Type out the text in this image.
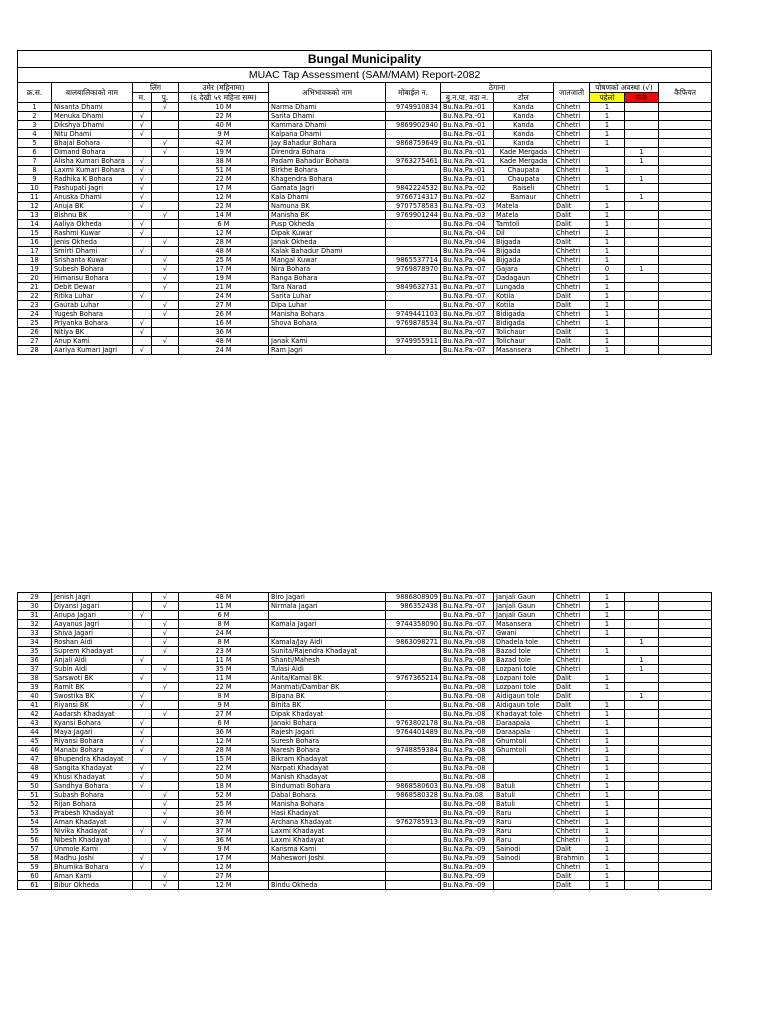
Bungal Municipality												
MUAC Tap Assessment (SAM/MAM) Report-2082												
क्र.स.	बालबालिकाको नाम	लिंग		उमेर (महिनामा)	अभिभावकको नाम	मोबाईल न.	ठेगाना		जातजाती	पोषणको अवस्था (√)		कैफियत
		म.	पु.	(६ देखी ५९ महिना सम्म)			बु.न.पा. वडा न.	टोल		पहेलो	रातो	
1	Nisanta Dhami		√	10 M	Narma Dhami	9749910834	Bu.Na.Pa.-01	Kanda	Chhetri	1		
2	Menuka Dhami	√		22 M	Sarita Dhami		Bu.Na.Pa.-01	Kanda	Chhetri	1		
3	Dikshya Dhami	√		40 M	Kammara Dhami	9869902940	Bu.Na.Pa.-01	Kanda	Chhetri	1		
4	Nitu Dhami	√		9 M	Kalpana Dhami		Bu.Na.Pa.-01	Kanda	Chhetri	1		
5	Bhajal Bohara		√	42 M	Jay Bahadur Bohara	9868759649	Bu.Na.Pa.-01	Kanda	Chhetri	1		
6	Dimand Bohara		√	19 M	Direndra Bohara		Bu.Na.Pa.-01	Kade Mergada	Chhetri		1	
7	Alisha Kumari Bohara	√		38 M	Padam Bahadur Bohara	9763275461	Bu.Na.Pa.-01	Kade Mergada	Chhetri		1	
8	Laxmi Kumari Bohara	√		51 M	Birkhe Bohara		Bu.Na.Pa.-01	Chaupata	Chhetri	1		
9	Radhika K Bohara	√		22 M	Khagendra Bohara		Bu.Na.Pa.-01	Chaupata	Chhetri		1	
10	Pashupati Jagri	√		17 M	Gamata Jagri	9842224532	Bu.Na.Pa.-02	Raiseli	Chhetri	1		
11	Anuska Dhami	√		12 M	Kala Dhami	9766714317	Bu.Na.Pa.-02	Bamaur	Chhetri		1	
12	Anuja BK	√		22 M	Namuna BK	9707578583	Bu.Na.Pa.-03	Matela	Dalit	1		
13	Bishnu BK		√	14 M	Manisha BK	9769901244	Bu.Na.Pa.-03	Matela	Dalit	1		
14	Aaliya Okheda	√		6 M	Pusp Okheda		Bu.Na.Pa.-04	Tamtoli	Dalit	1		
15	Rashmi Kuwar	√		12 M	Dipak Kuwar		Bu.Na.Pa.-04	Dil	Chhetri	1		
16	Jenis Okheda		√	28 M	Janak Okheda		Bu.Na.Pa.-04	Bijgada	Dalit	1		
17	Smirti Dhami	√		48 M	Kalak Bahadur Dhami		Bu.Na.Pa.-04	Bijgada	Chhetri	1		
18	Srishanta Kuwar		√	25 M	Mangal Kuwar	9865537714	Bu.Na.Pa.-04	Bijgada	Chhetri	1		
19	Subesh Bohara		√	17 M	Nira Bohara	9769878970	Bu.Na.Pa.-07	Gajara	Chhetri	0	1	
20	Himansu Bohara		√	19 M	Ranga Bohara		Bu.Na.Pa.-07	Dadagaun	Chhetri	1		
21	Debit Dewar		√	21 M	Tara Narad	9849632731	Bu.Na.Pa.-07	Lungada	Chhetri	1		
22	Ritika Luhar	√		24 M	Sarita Luhar		Bu.Na.Pa.-07	Kotila	Dalit	1		
23	Gaurab Luhar		√	27 M	Dipa Luhar		Bu.Na.Pa.-07	Kotila	Dalit	1		
24	Yugesh Bohara		√	26 M	Manisha Bohara	9749441103	Bu.Na.Pa.-07	Bidigada	Chhetri	1		
25	Priyanka Bohara	√		16 M	Shova Bohara	9769878534	Bu.Na.Pa.-07	Bidigada	Chhetri	1		
26	Nitiya BK	√		36 M			Bu.Na.Pa.-07	Tolichaur	Dalit	1		
27	Anup Kami		√	48 M	Janak Kami	9749955911	Bu.Na.Pa.-07	Tolichaur	Dalit	1		
28	Aariya Kumari Jagri	√		24 M	Ram Jagri		Bu.Na.Pa.-07	Masansera	Chhetri	1		
29	Jenish Jagri		√	48 M	Biro Jagari	9886808909	Bu.Na.Pa.-07	Janjali Gaun	Chhetri	1		
30	Diyansi Jagari		√	11 M	Nirmala Jagari	986352438	Bu.Na.Pa.-07	Janjali Gaun	Chhetri	1		
31	Anupa Jagari	√		6 M			Bu.Na.Pa.-07	Janjali Gaun	Chhetri	1		
32	Aayanus Jagri		√	8 M	Kamala Jagari	9744358090	Bu.Na.Pa.-07	Masansera	Chhetri	1		
33	Shiva Jagari		√	24 M			Bu.Na.Pa.-07	Gwani	Chhetri	1		
34	Roshan Aidi		√	8 M	Kamala/Jay Aidi	9863098271	Bu.Na.Pa.-08	Dhadela tole	Chhetri		1	
35	Suprem Khadayat		√	23 M	Sunita/Rajendra Khadayat		Bu.Na.Pa.-08	Bazad tole	Chhetri	1		
36	Anjali Aidi	√		11 M	Shanti/Mahesh		Bu.Na.Pa.-08	Bazad tole	Chhetri		1	
37	Subin Aidi		√	35 M	Tulasi Aidi		Bu.Na.Pa.-08	Lozpani tole	Chhetri		1	
38	Sarswoti BK	√		11 M	Anita/Kamal BK	9767365214	Bu.Na.Pa.-08	Lozpani tole	Dalit	1		
39	Ramit BK		√	22 M	Manmati/Dambar BK		Bu.Na.Pa.-08	Lozpani tole	Dalit	1		
40	Swostika BK	√		8 M	Bipana BK		Bu.Na.Pa.-08	Aidigaun tole	Dalit		1	
41	Riyansi BK	√		9 M	Binita BK		Bu.Na.Pa.-08	Aidigaun tole	Dalit	1		
42	Aadarsh Khadayat		√	27 M	Dipak Khadayat		Bu.Na.Pa.-08	Khadayat tole	Chhetri	1		
43	Kyansi Bohara	√		6 M	Janaki Bohara	9763802178	Bu.Na.Pa.-08	Daraapala	Chhetri	1		
44	Maya Jagari	√		36 M	Rajesh Jagari	9764401489	Bu.Na.Pa.-08	Daraapala	Chhetri	1		
45	Riyansi Bohara	√		12 M	Suresh Bohara		Bu.Na.Pa.-08	Ghumtoli	Chhetri	1		
46	Manabi Bohara	√		28 M	Naresh Bohara	9748859384	Bu.Na.Pa.-08	Ghumtoli	Chhetri	1		
47	Bhupendra Khadayat		√	15 M	Bikram Khadayat		Bu.Na.Pa.-08		Chhetri	1		
48	Sangita Khadayat	√		22 M	Narpati Khadayat		Bu.Na.Pa.-08		Chhetri	1		
49	Khusi Khadayat	√		50 M	Manish Khadayat		Bu.Na.Pa.-08		Chhetri	1		
50	Sandhya Bohara	√		18 M	Bindumati Bohara	9868580603	Bu.Na.Pa.-08	Batuli	Chhetri	1		
51	Subash Bohara		√	52 M	Dabal Bohara	9868580328	Bu.Na.Pa.08	Batuli	Chhetri	1		
52	Rijan Bohara		√	25 M	Manisha Bohara		Bu.Na.Pa.-08	Batuli	Chhetri	1		
53	Prabesh Khadayat		√	36 M	Hasi Khadayat		Bu.Na.Pa.-09	Raru	Chhetri	1		
54	Aman Khadayat		√	37 M	Archana Khadayat	9762785913	Bu.Na.Pa.-09	Raru	Chhetri	1		
55	Nivika Khadayat	√		37 M	Laxmi Khadayat		Bu.Na.Pa.-09	Raru	Chhetri	1		
56	Nibesh Khadayat		√	36 M	Laxmi Khadayat		Bu.Na.Pa.-09	Raru	Chhetri	1		
57	Unmole Kami		√	9 M	Karisma Kami		Bu.Na.Pa.-09	Sainodi	Dalit	1		
58	Madhu Joshi	√		17 M	Maheswori Joshi		Bu.Na.Pa.-09	Sainodi	Brahmin	1		
59	Bhumika Bohara	√		12 M			Bu.Na.Pa.-09		Chhetri	1		
60	Aman Kami		√	27 M			Bu.Na.Pa.-09		Dalit	1		
61	Bibur Okheda		√	12 M	Bindu Okheda		Bu.Na.Pa.-09		Dalit	1		
